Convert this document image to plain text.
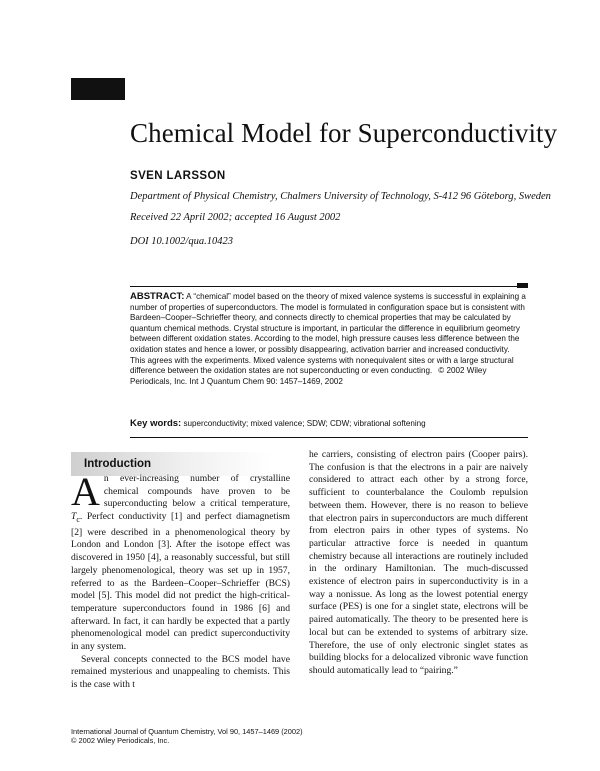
Chemical Model for Superconductivity
SVEN LARSSON
Department of Physical Chemistry, Chalmers University of Technology, S-412 96 Göteborg, Sweden
Received 22 April 2002; accepted 16 August 2002
DOI 10.1002/qua.10423

ABSTRACT: A “chemical” model based on the theory of mixed valence systems is successful in explaining a number of properties of superconductors. The model is formulated in configuration space but is consistent with Bardeen–Cooper–Schrieffer theory, and connects directly to chemical properties that may be calculated by quantum chemical methods. Crystal structure is important, in particular the difference in equilibrium geometry between different oxidation states. According to the model, high pressure causes less difference between the oxidation states and hence a lower, or possibly disappearing, activation barrier and increased conductivity. This agrees with the experiments. Mixed valence systems with nonequivalent sites or with a large structural difference between the oxidation states are not superconducting or even conducting. © 2002 Wiley Periodicals, Inc. Int J Quantum Chem 90: 1457–1469, 2002

Key words: superconductivity; mixed valence; SDW; CDW; vibrational softening
Introduction

An ever-increasing number of crystalline chemical compounds have proven to be superconducting below a critical temperature, $T_c$. Perfect conductivity [1] and perfect diamagnetism [2] were described in a phenomenological theory by London and London [3]. After the isotope effect was discovered in 1950 [4], a reasonably successful, but still largely phenomenological, theory was set up in 1957, referred to as the Bardeen–Cooper–Schrieffer (BCS) model [5]. This model did not predict the high-critical-temperature superconductors found in 1986 [6] and afterward. In fact, it can hardly be expected that a partly phenomenological model can predict superconductivity in any system.

Several concepts connected to the BCS model have remained mysterious and unappealing to chemists. This is the case with t

he carriers, consisting of electron pairs (Cooper pairs). The confusion is that the electrons in a pair are naively considered to attract each other by a strong force, sufficient to counterbalance the Coulomb repulsion between them. However, there is no reason to believe that electron pairs in superconductors are much different from electron pairs in other types of systems. No particular attractive force is needed in quantum chemistry because all interactions are routinely included in the ordinary Hamiltonian. The much-discussed existence of electron pairs in superconductivity is in a way a nonissue. As long as the lowest potential energy surface (PES) is one for a singlet state, electrons will be paired automatically. The theory to be presented here is local but can be extended to systems of arbitrary size. Therefore, the use of only electronic singlet states as building blocks for a delocalized vibronic wave function should automatically lead to “pairing.”

International Journal of Quantum Chemistry, Vol 90, 1457–1469 (2002)
© 2002 Wiley Periodicals, Inc.
